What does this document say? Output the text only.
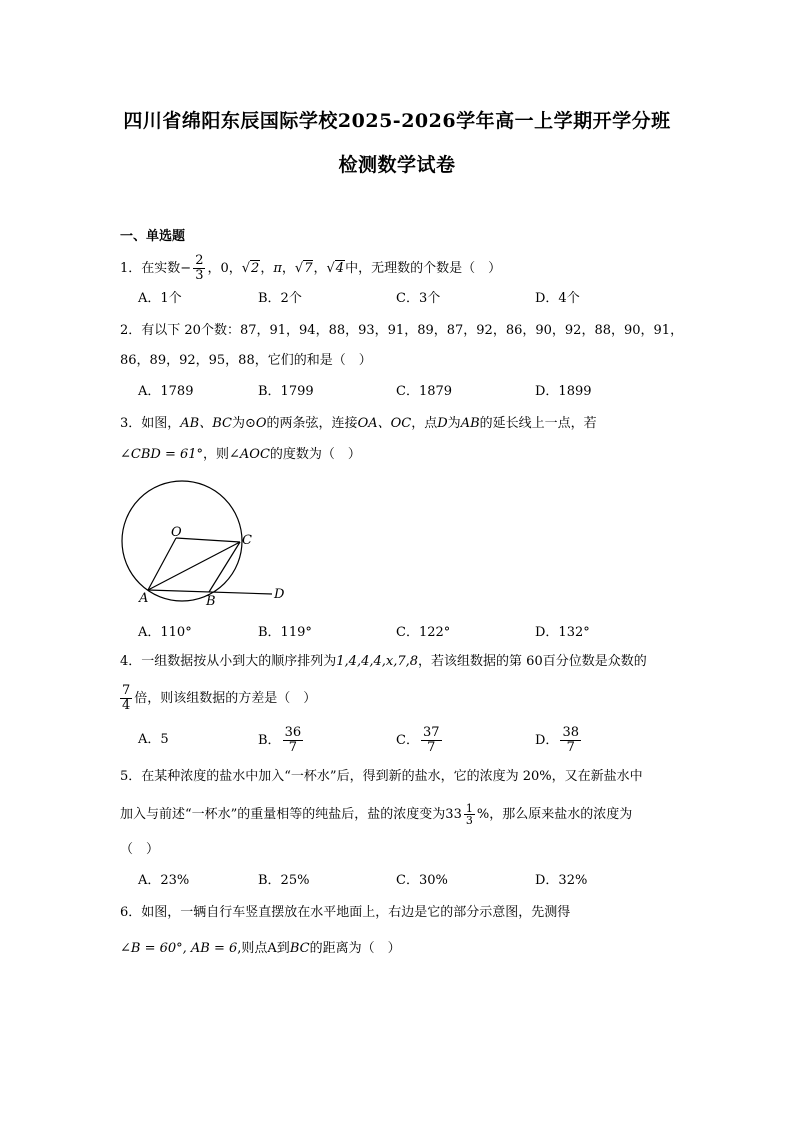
四川省绵阳东辰国际学校2025-2026学年高一上学期开学分班
检测数学试卷
一、单选题
1．在实数− $\frac{2}{3}$ ，0，√2，π，√7，√4中，无理数的个数是（　）
A．1个	B．2个	C．3个	D．4个
2．有以下 20个数：87，91，94，88，93，91，89，87，92，86，90，92，88，90，91，
86，89，92，95，88，它们的和是（　）
A．1789	B．1799	C．1879	D．1899
3．如图，AB、BC为⊙O的两条弦，连接OA、OC，点D为AB的延长线上一点，若
∠CBD = 61°，则∠AOC的度数为（　）
O
C
A	B	D
A．110°	B．119°	C．122°	D．132°
4．一组数据按从小到大的顺序排列为1,4,4,4,x,7,8，若该组数据的第 60百分位数是众数的
$\frac{7}{4}$ 倍，则该组数据的方差是（　）
A．5	B． $\frac{36}{7}$	C． $\frac{37}{7}$	D． $\frac{38}{7}$
5．在某种浓度的盐水中加入“一杯水”后，得到新的盐水，它的浓度为 20%，又在新盐水中
加入与前述“一杯水”的重量相等的纯盐后，盐的浓度变为$33 \frac{1}{3}$ %，那么原来盐水的浓度为
（　）
A．23%	B．25%	C．30%	D．32%
6．如图，一辆自行车竖直摆放在水平地面上，右边是它的部分示意图，先测得
∠B = 60°, AB = 6,则点A到BC的距离为（　）
